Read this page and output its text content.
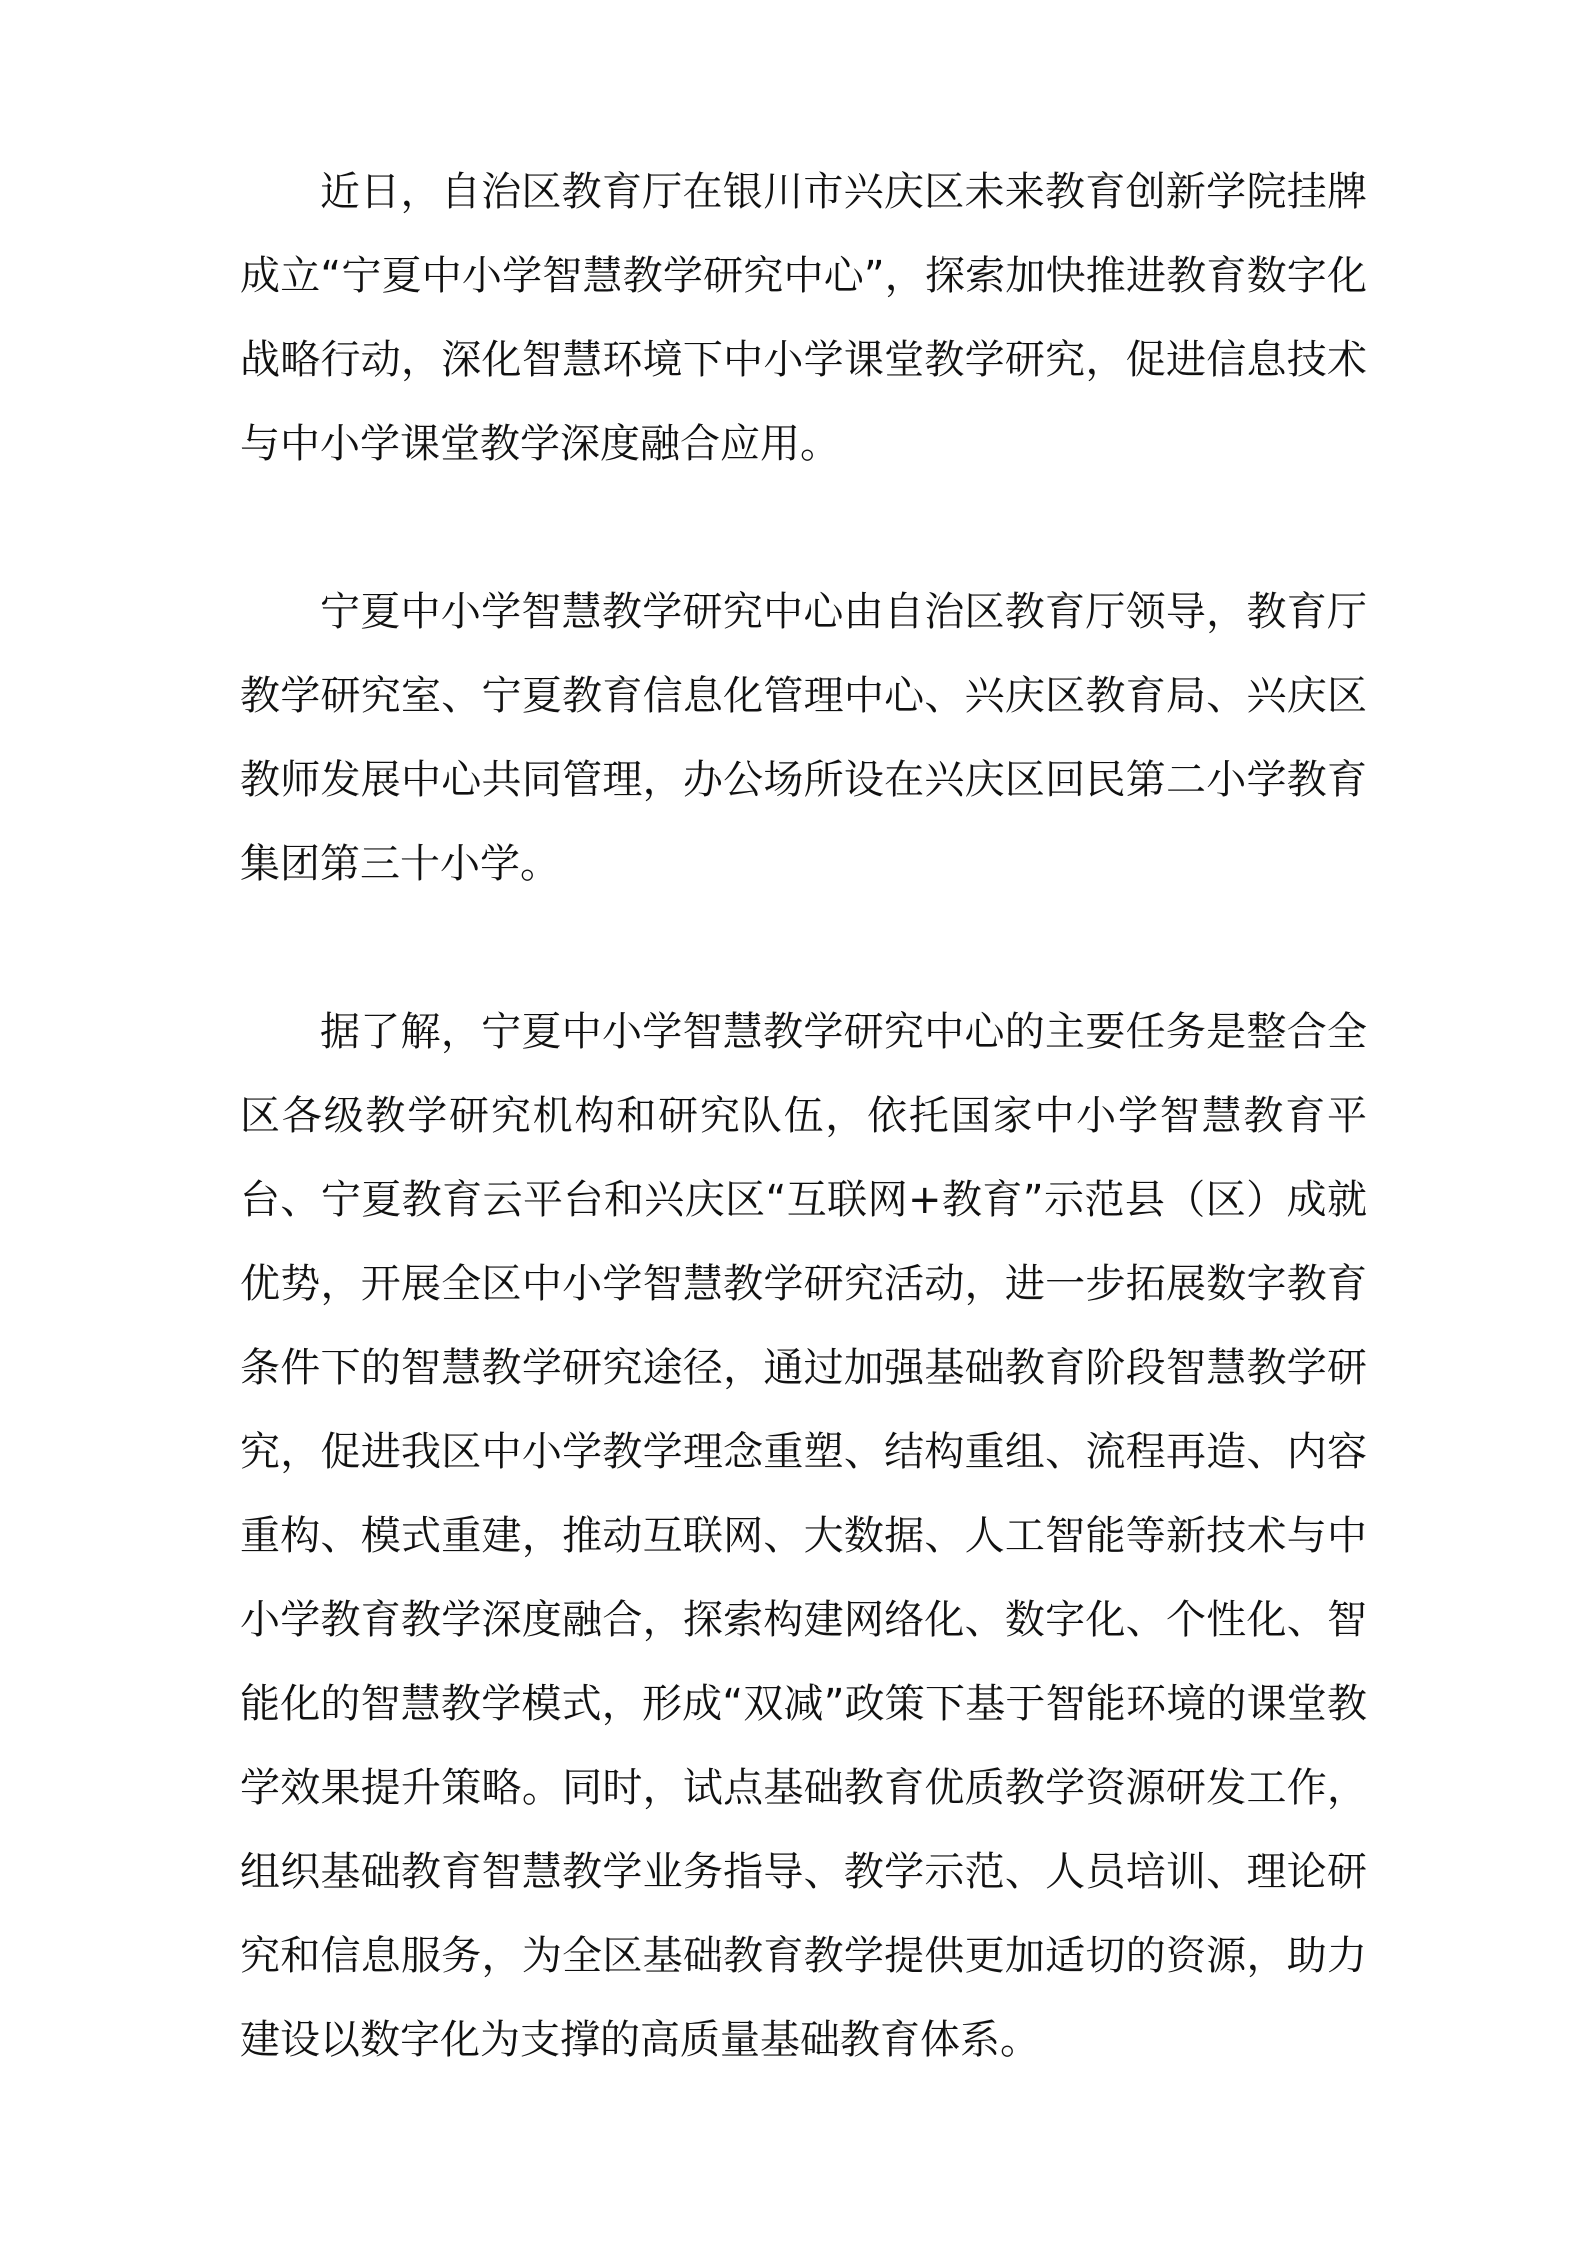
近日，自治区教育厅在银川市兴庆区未来教育创新学院挂牌成立“宁夏中小学智慧教学研究中心”，探索加快推进教育数字化战略行动，深化智慧环境下中小学课堂教学研究，促进信息技术与中小学课堂教学深度融合应用。

宁夏中小学智慧教学研究中心由自治区教育厅领导，教育厅教学研究室、宁夏教育信息化管理中心、兴庆区教育局、兴庆区教师发展中心共同管理，办公场所设在兴庆区回民第二小学教育集团第三十小学。

据了解，宁夏中小学智慧教学研究中心的主要任务是整合全区各级教学研究机构和研究队伍，依托国家中小学智慧教育平台、宁夏教育云平台和兴庆区“互联网+教育”示范县（区）成就优势，开展全区中小学智慧教学研究活动，进一步拓展数字教育条件下的智慧教学研究途径，通过加强基础教育阶段智慧教学研究，促进我区中小学教学理念重塑、结构重组、流程再造、内容重构、模式重建，推动互联网、大数据、人工智能等新技术与中小学教育教学深度融合，探索构建网络化、数字化、个性化、智能化的智慧教学模式，形成“双减”政策下基于智能环境的课堂教学效果提升策略。同时，试点基础教育优质教学资源研发工作，组织基础教育智慧教学业务指导、教学示范、人员培训、理论研究和信息服务，为全区基础教育教学提供更加适切的资源，助力建设以数字化为支撑的高质量基础教育体系。
